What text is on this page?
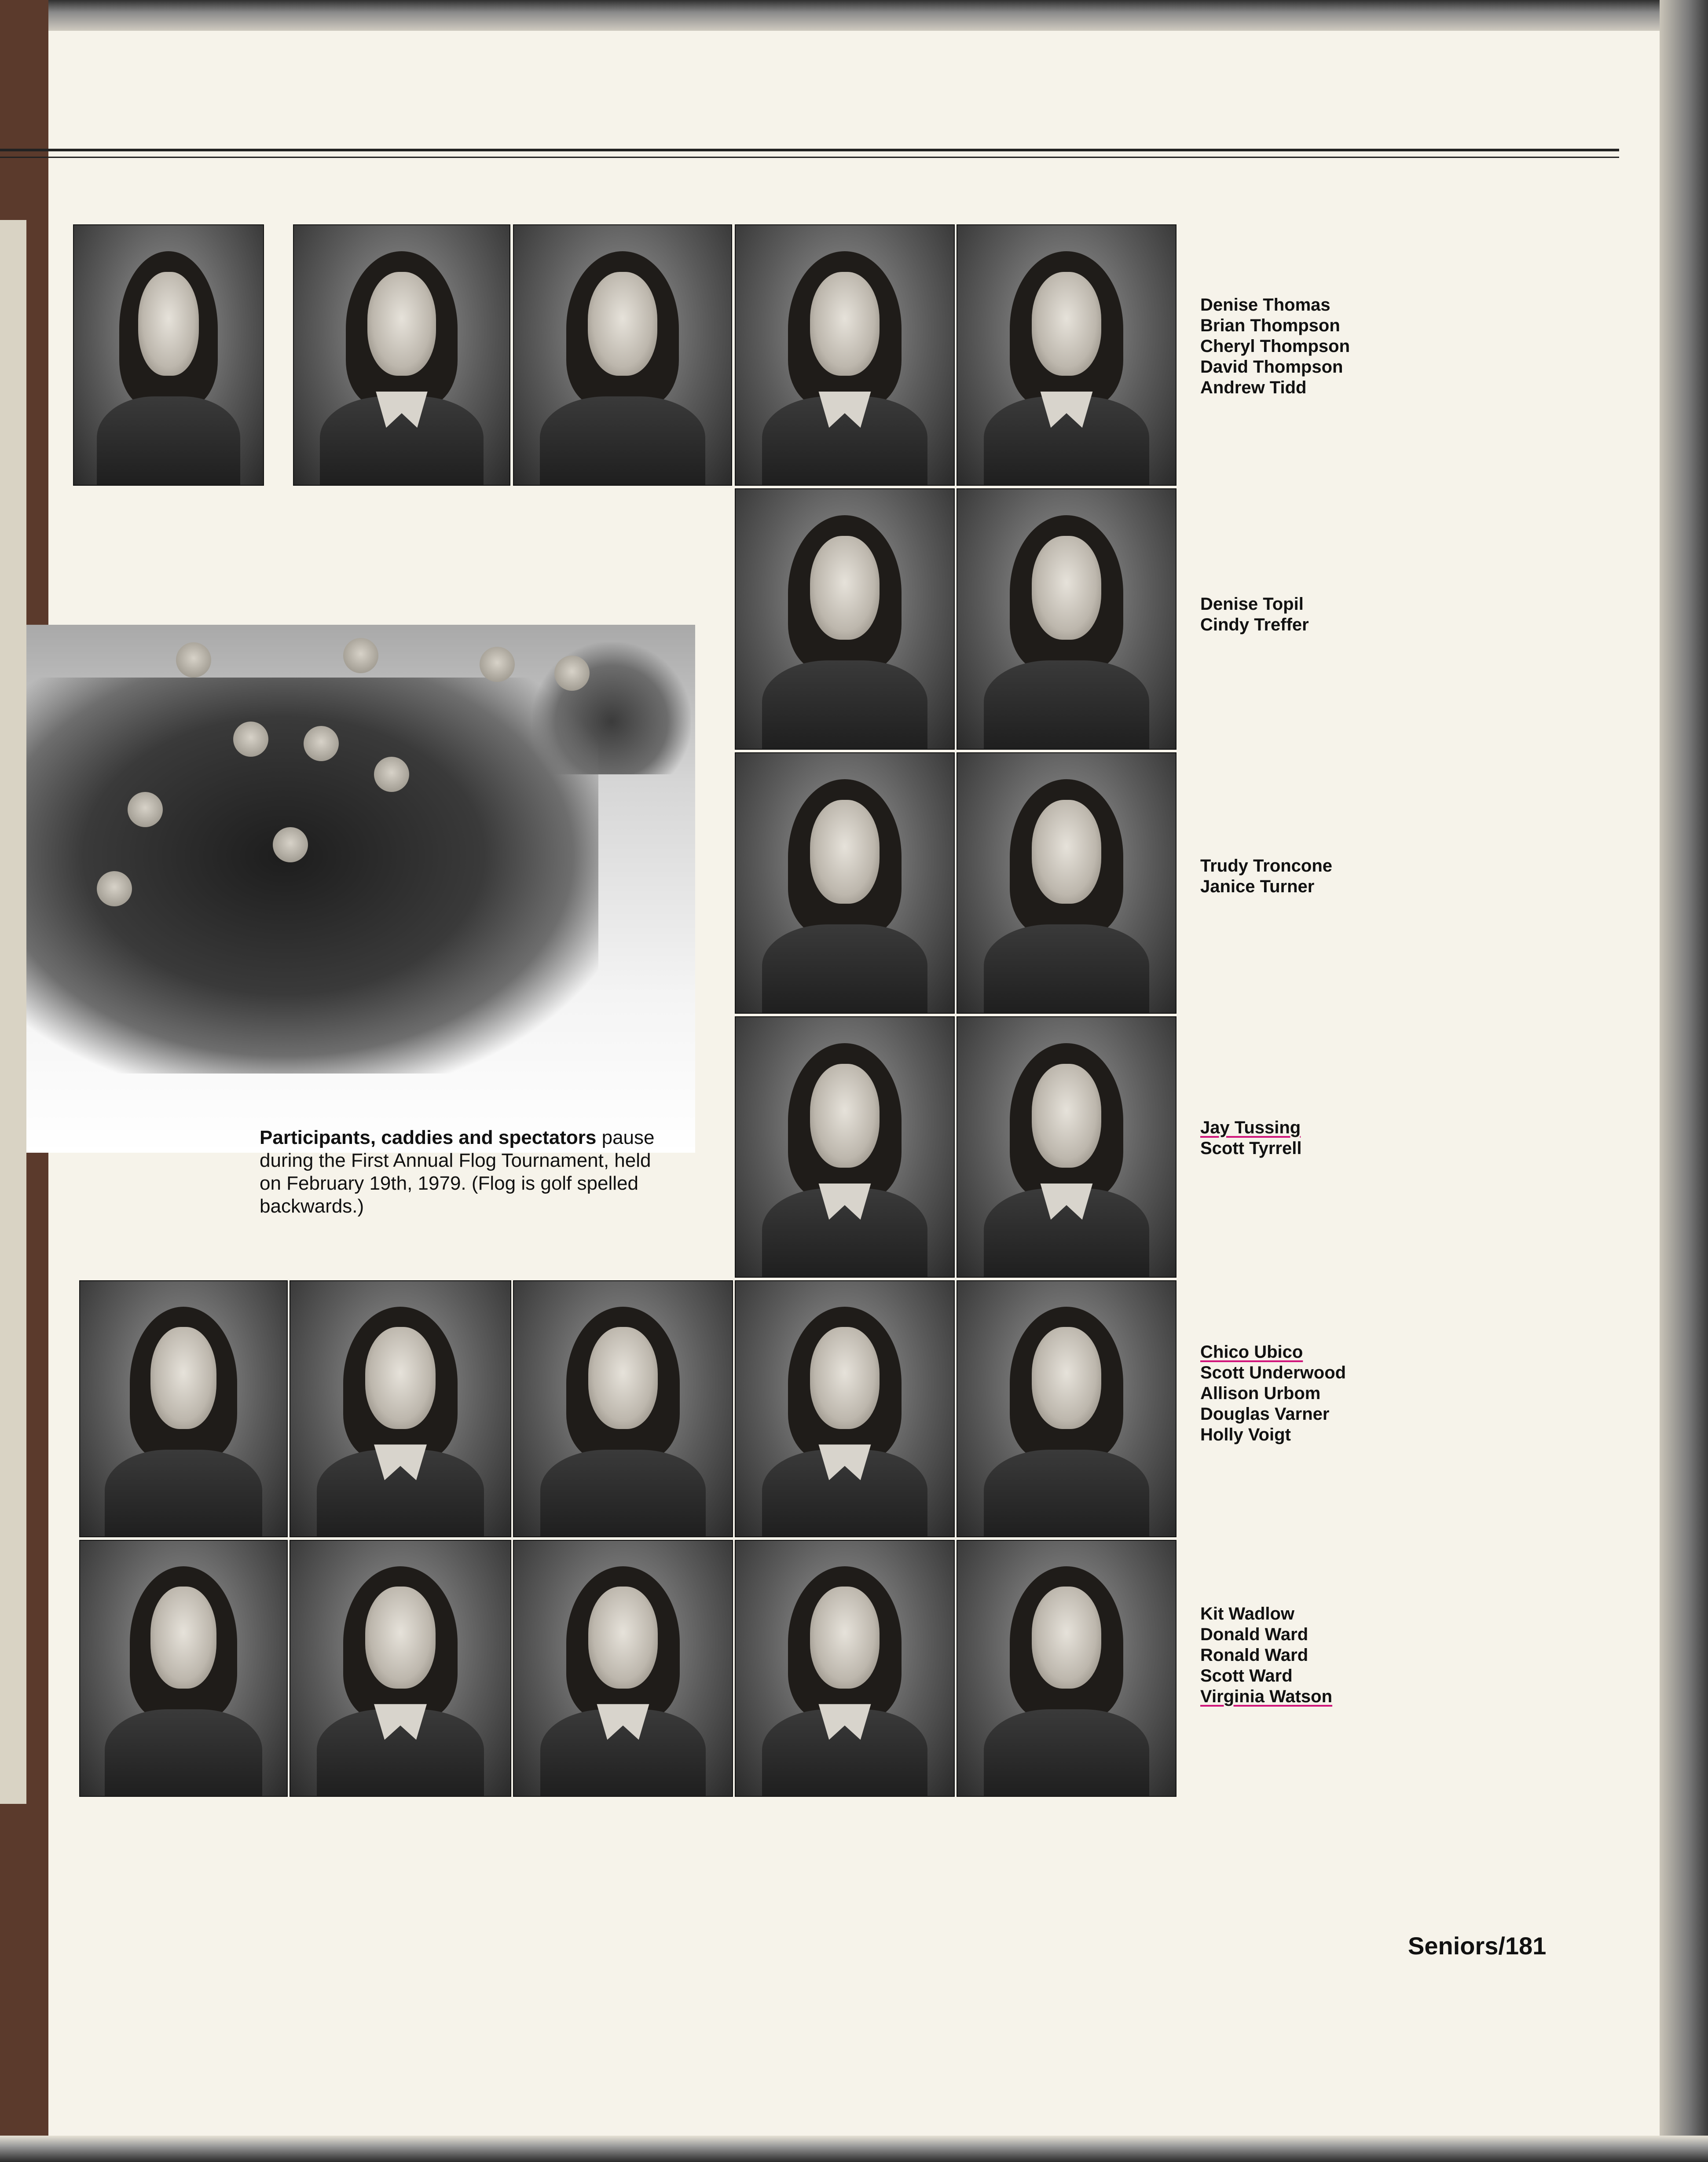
Participants, caddies and spectators pause during the First Annual Flog Tournament, held on February 19th, 1979. (Flog is golf spelled backwards.)
Denise Thomas
Brian Thompson
Cheryl Thompson
David Thompson
Andrew Tidd
Denise Topil
Cindy Treffer
Trudy Troncone
Janice Turner
Jay Tussing
Scott Tyrrell
Chico Ubico
Scott Underwood
Allison Urbom
Douglas Varner
Holly Voigt
Kit Wadlow
Donald Ward
Ronald Ward
Scott Ward
Virginia Watson
Seniors/181
